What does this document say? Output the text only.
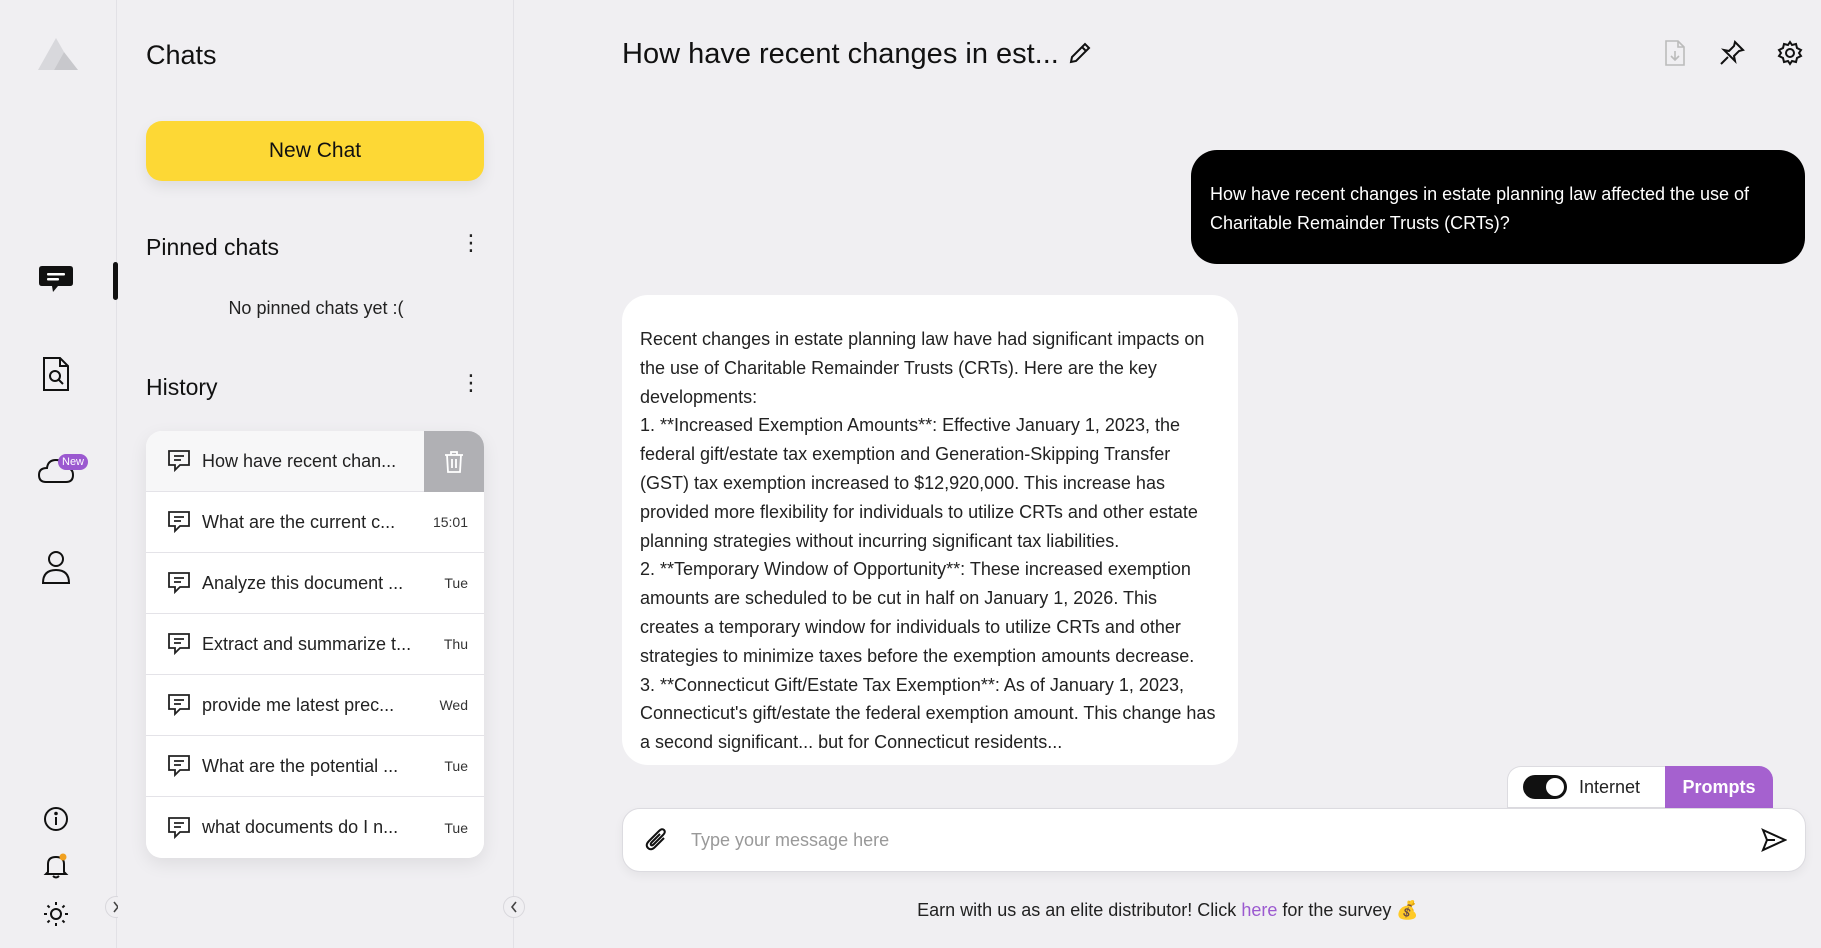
New
Chats
New Chat
Pinned chats	⋮
No pinned chats yet :(
History	⋮
How have recent chan...
What are the current c...	15:01
Analyze this document ...	Tue
Extract and summarize t...	Thu
provide me latest prec...	Wed
What are the potential ...	Tue
what documents do I n...	Tue
How have recent changes in est...
How have recent changes in estate planning law affected the use of Charitable Remainder Trusts (CRTs)?

Recent changes in estate planning law have had significant impacts on the use of Charitable Remainder Trusts (CRTs). Here are the key developments:

1. **Increased Exemption Amounts**: Effective January 1, 2023, the federal gift/estate tax exemption and Generation-Skipping Transfer (GST) tax exemption increased to $12,920,000. This increase has provided more flexibility for individuals to utilize CRTs and other estate planning strategies without incurring significant tax liabilities.

2. **Temporary Window of Opportunity**: These increased exemption amounts are scheduled to be cut in half on January 1, 2026. This creates a temporary window for individuals to utilize CRTs and other strategies to minimize taxes before the exemption amounts decrease.

3. **Connecticut Gift/Estate Tax Exemption**: As of January 1, 2023, Connecticut's gift/estate the federal exemption amount. This change has a second significant... but for Connecticut residents...

Internet	Prompts
Type your message here
Earn with us as an elite distributor! Click here for the survey 💰
